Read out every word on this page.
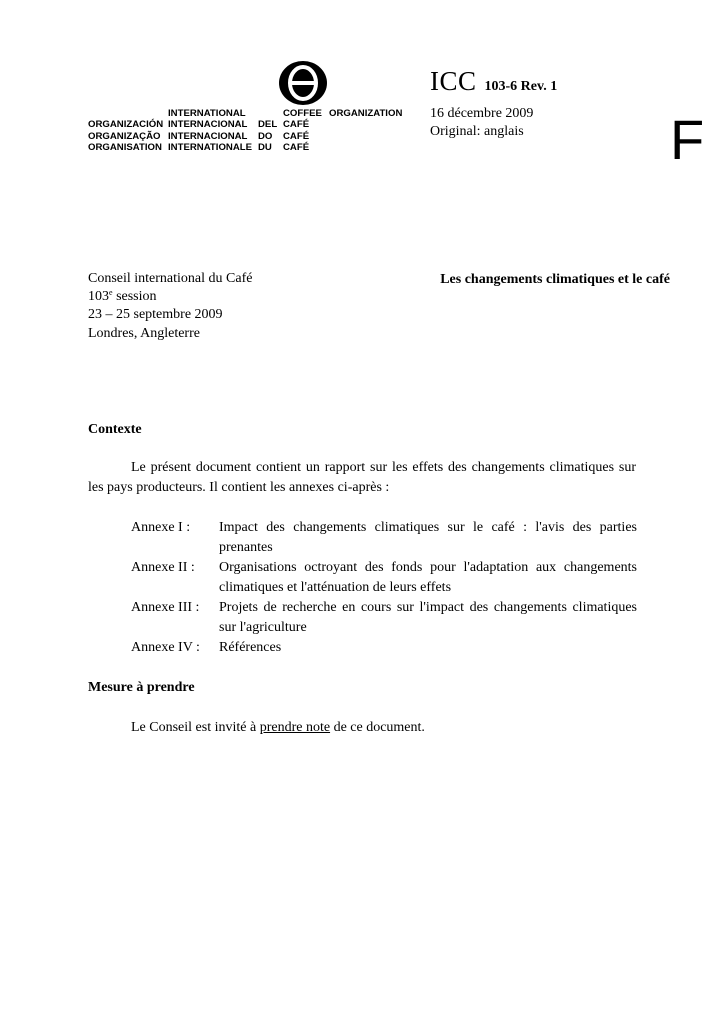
INTERNATIONAL	COFFEE ORGANIZATION
ORGANIZACIÓN INTERNACIONAL DEL CAFÉ
ORGANIZAÇÃO INTERNACIONAL DO CAFÉ
ORGANISATION INTERNATIONALE DU CAFÉ
ICC 103-6 Rev. 1
16 décembre 2009
Original: anglais	F
Conseil international du Café
103e session
23 – 25 septembre 2009
Londres, Angleterre
Les changements climatiques et le café
Contexte
Le présent document contient un rapport sur les effets des changements climatiques sur les pays producteurs. Il contient les annexes ci-après :
Annexe I :	Impact des changements climatiques sur le café : l'avis des parties prenantes
Annexe II :	Organisations octroyant des fonds pour l'adaptation aux changements climatiques et l'atténuation de leurs effets
Annexe III :	Projets de recherche en cours sur l'impact des changements climatiques sur l'agriculture
Annexe IV :	Références
Mesure à prendre
Le Conseil est invité à prendre note de ce document.
